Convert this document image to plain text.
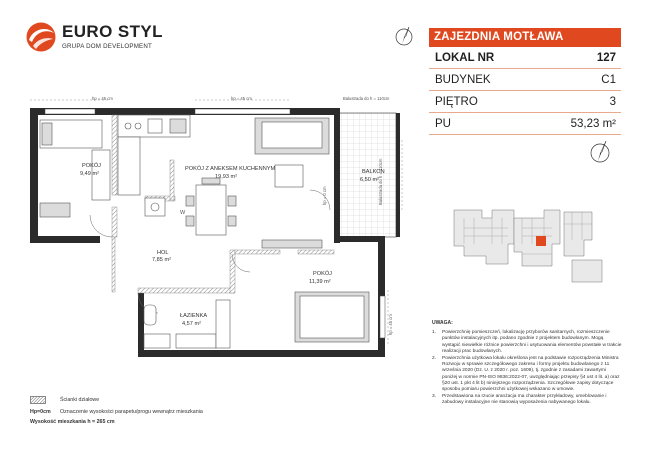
EURO STYL
GRUPA DOM DEVELOPMENT
ZAJEZDNIA MOTŁAWA
LOKAL NR	127
BUDYNEK	C1
PIĘTRO	3
PU	53,23 m²
hp = 45 cm	hp = 45 cm	Balustrada do h = 110cm
Balustrada do h = 110cm
hp = 0 cm
hp = 45 cm
W
POKÓJ
9,49 m²
POKÓJ Z ANEKSEM KUCHENNYM
19,93 m²
BALKON
6,50 m²
HOL
7,85 m²
POKÓJ
11,39 m²
ŁAZIENKA
4,57 m²	UWAGA:
1.	Powierzchnię pomieszczeń, lokalizację przyborów sanitarnych, rozmieszczenie punktów instalacyjnych itp. podano zgodnie z projektem budowlanym. Mogą wystąpić niewielkie różnice powierzchni i usytuowania elementów powstałe w trakcie realizacji prac budowlanych.
2.	Powierzchnia użytkowa lokalu określona jest na podstawie rozporządzenia Ministra Rozwoju w sprawie szczegółowego zakresu i formy projektu budowlanego z 11 września 2020 (Dz. U. z 2020 r. poz. 1609), tj. zgodnie z zasadami zawartymi poniżej w normie PN-ISO 9836:2022-07, uwzględniając przepisy §4 ust 4 lit. a) oraz §20 ust. 1 pkt 4 lit b) niniejszego rozporządzenia. Szczegółowe zapisy dotyczące sposobu pomiaru powierzchni użytkowej wskazano w umowie.
3.	Przedstawiona na rzucie aranżacja ma charakter przykładowy, umeblowanie i zabudowy instalacyjne nie stanowią wyposażenia nabywanego lokalu.
Ścianki działowe
Hp=0cm Oznaczenie wysokości parapetu/progu wewnątrz mieszkania
Wysokość mieszkania h = 265 cm
